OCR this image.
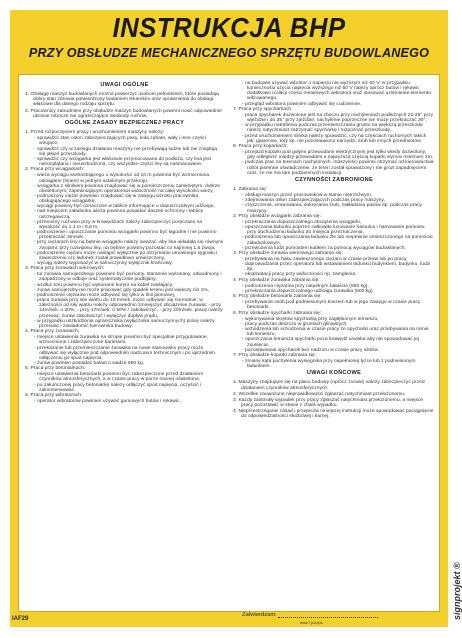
INSTRUKCJA BHP
PRZY OBSŁUDZE MECHANICZNEGO SPRZĘTU BUDOWLANEGO
UWAGI OGÓLNE
1. Obsługę maszyn budowlanych można powierzyć osobom pełnoletnim, które posiadają dobry stan zdrowia potwierdzony badaniem lekarskim oraz uprawnienia do obsługi, właściwe dla danego rodzaju sprzętu.
2. Pracownicy zatrudnieni przy obsłudze maszyn budowlanych powinni nosić odpowiednie ubranie robocze nie ograniczające swobody ruchów.
OGÓLNE ZASADY BEZPIECZNEJ PRACY
1. Przed rozpoczęciem pracy i uruchomieniem maszyny należy:
- sprawdzić stan osłon zabezpieczających pasy, koła zębate, wały i inne części wirujące,
- sprawdzić czy w zasięgu działania maszyny nie przebywają ludzie lub nie znajdują się jakieś przeszkody,
- sprawdzić czy wciągarka jest właściwie przymocowana do podłoża, czy lina jest nierozplątana i nieuszkodzona, czy wszystkie części liny są nasmarowane.
2. Praca przy wciągarkach:
- wieża wyciągu wolnostojącego o wysokości od 10 m powinna być wzmocniona odciągami (linami) w jednym ustalonym przekroju,
- wciągarka z silnikiem powinna znajdować się w pomieszczeniu zamkniętym, dobrze oświetlonym, zapewniającym operatorowi widoczność na całej wysokości wieży,
- podnoszony ciężar powinien znajdować się w zasięgu wzroku pracownika obsługującego wciągarkę,
- wyciągi powinny być oznaczone w tablice informujące o dopuszczalnym udźwigu,
- nad miejscem załadunku wieża powinna posiadać daszek ochronny i tablicę ostrzegawczą,
- przenośny ruchowo przy w krawędziach należy zabezpieczyć poręczami na wysokość do 1,1 m i 0,8 m,
- podnoszenie i opuszczanie pomostu wciągarki powinno być łagodne i nie powinno przekraczać 3m/sek.,
- przy ciężarach liny na bębnie wciągarki należy uważać, aby lina układała się równymi zwojami; przy rozwijaniu liny, na bębnie powinny pozostać co najmniej 1,5 zwoja,
- podnoszenie ciężaru może nastąpić wyłącznie po otrzymaniu umownego sygnału i stwierdzeniu czy ładunek został prawidłowo umieszczony,
- wyciąg należy wyposażyć w samoczynny wyłącznik krańcowy.
3. Praca przy żurawiach wieżowych:
- tor żurawia samojezdnego powinien być poziomy, starannie wykonany, odwodniony i zaopatrzony w odboje oraz systematycznie podbijany,
- wzdłuż toru powinno być wykonane koryto na kabel zasilający,
- żuraw samojezdny nie może pracować gdy spadek terenu jest większy niż 1%,
- podnoszenie ciężarów może odbywać się tylko w linii pionowej,
- praca żurawia przy sile wiatru do 10 m/sek. może odbywać się normalnie; w zależności od siły wiatru należy odpowiednio zmniejszyć obciążenie żurawia: - przy 14m/sek. o 20%, - przy 17m/sek. o 50% / zakotwiczyć, - przy 20m/sek. pracę należy przerwać, żuraw zakotwiczyć i wyłączyć dopływ prądu,
- w przypadku uszkodzenia ogranicznika (wyłącznika samoczynnych) pracę należy przerwać i zawiadomić kierownika budowy.
4. Praca przy żurawiach:
- miejsce ustawienia żurawika na stropie powinno być specjalnie przygotowane, wzmocnione i zabezpieczone barierami,
- przekazanie lub przemieszczanie żurawika na nowe stanowisko pracy może odbywać się wyłącznie pod odpowiednim nadzorem technicznym i po uprzednim odłączeniu go spod napięcia,
- żuraw powinien posiadać balast o wadze 650 kg.
5. Praca przy betoniarkach:
- miejsce ustawienia betoniarki powinno być zabezpieczone przed działaniem czynników atmosferycznych, a w czasie pracy w porze nocnej oświetlone,
- po zakończonej pracy betoniarkę należy odłączyć spod napięcia, oczyścić i zakonserwować.
6. Praca przy wibratorach:
- operator wibratorów powinien używać gumowych butów i rękawic,
- na budowie używać wibrator o napięciu nie wyższym niż 60 V; w przypadku konieczności użycia napięcia wyższego niż 60 V należy oprócz butów i rękawic dodatkowo izolacji części metalowych wibratora oraz stosować uziemienie elementu wibrowanego,
- przegląd wibratora powinien odbywać się codziennie.
7. Praca przy spycharkach:
- praca spycharek dozwolona jest na zboczu przy nachyleniach podłużnych 22-25° przy wjeździe i do 35° przy zjeździe; nachylenie poprzeczne nie może przekraczać 30°,
- w przypadku natrafienia podczas przemieszczania gruntu na większą przeszkodę należy natychmiast zatrzymać spycharkę i rozpoznać przeszkodę,
- przed uruchomieniem silnika należy sprawdzić, czy na częściach ruchomych takich jak: gąsienice, tory itp. nie pozostawiono narzędzi, śrub lub innych przedmiotów.
8. Praca przy koparkach:
- przejazd koparki pod gołymi przewodami elektrycznymi jest tylko wtedy dozwolony, gdy odległość między przewodami a najwyższą częścią koparki wynosi minimum 2m,
- podczas prac na terenach nachylonych, maszyniści powinni otrzymać od kierownictwa robót pisemne oświadczenie, że teren został sprawdzony i nie grozi zapadnięciem oraz, że nie ma tam podziemnych instalacji.
CZYNNOŚCI ZABRONIONE
1. Zabrania się:
- obsługi maszyn przez pracowników w stanie nietrzeźwym,
- zdejmowania osłon zabezpieczających podczas pracy maszyny,
- czyszczenia, smarowania, dokręcania śrub, zakładania pasów itp. podczas pracy maszyny.
2. Przy obsłudze wciągarki zabrania się:
- przekraczania dopuszczalnego obciążenia wciągarki,
- opuszczania ładunku poprzez całkowite luzowanie hamulca i hamowanie pomostu przy dochodzeniu ładunku do miejsca przeznaczenia,
- podnoszenia lub opuszczania ładunku źle lub niepewnie umieszczonego na pomoście załadunkowym,
- przewożenia ludzi pomostem kubłem za pomocą wyciągów budowlanych.
3. Przy obsłudze żurawia wieżowego zabrania się:
- przebywania na haku zawieszonego ciężaru w czasie przerw lub po pracy,
- doprowadzania przez operatora lub wstawianiem ładunku budynkiem, budynku, ludzi itp.,
- eksploatacji pracy przy widoczności np. zamglenia.
4. Przy obsłudze żurawika zabrania się:
- podnoszenia ciężarów przy niepełnym balaście (650 kg),
- przekraczania dopuszczalnego udźwigu żurawika (500 kg).
5. Przy obsłudze betoniarki zabrania się:
- przebywania osób pod podniesionym koszem lub w jego zasięgu w czasie pracy betoniarki.
6. Przy obsłudze spycharki zabrania się:
- wykonywania skrętów spycharką przy zagłębionym lemieszu,
- pracy podczas deszczu w gruntach gliniastych,
- wchodzenia lub schodzenia w czasie pracy ze spycharki oraz przebywania na ramie lub lemieszu,
- opuszczania lemiesza spycharki poza krawędź urwiska aby nie spowodować jej zsunięcia,
- pozostawiania spycharek bez nadzoru w czasie pracy silnika.
7. Przy obsłudze koparki zabrania się:
- zmiany kąta pochylenia wysięgnika przy napełnionej łyżce lub z podniesionym ładunkiem.
UWAGI KOŃCOWE
1. Maszyny znajdujące się na placu budowy (oprócz żurawi) należy zabezpieczyć przed działaniem czynników atmosferycznych.
2. Wszelkie zauważone nieprawidłowości zgłaszać natychmiast przełożonemu.
3. Każdy zaistniały wypadek przy pracy zgłaszać natychmiast przełożonemu, a miejsce pracy pozostawić w stanie z chwili wypadku.
4. Nieprzestrzeganie zasad i przepisów niniejszej instrukcji może spowodować pociągnięcie do odpowiedzialności służbowej i karnej.
IAF29
Zatwierdzam:
data i podpis
signprojekt ®
